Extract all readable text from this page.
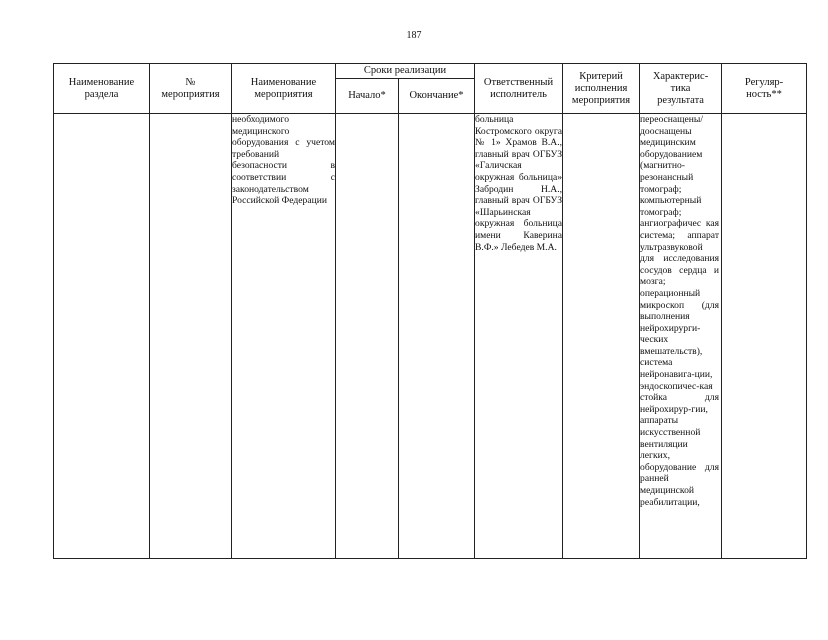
187
Наименование раздела	№ мероприятия	Наименование мероприятия	Сроки реализации		Ответственный исполнитель	Критерий исполнения мероприятия	Характерис-тика результата	Регуляр-ность**

			Начало*	Окончание*				
		необходимого медицинского оборудования с учетом требований безопасности в соответствии с законодательством Российской Федерации			больница Костромского округа № 1» Храмов В.А., главный врач ОГБУЗ «Галичская окружная больница» Забродин Н.А., главный врач ОГБУЗ «Шарьинская окружная больница имени Каверина В.Ф.» Лебедев М.А.		переоснащены/ дооснащены медицинским оборудованием (магнитно-резонансный томограф; компьютерный томограф; ангиографичес кая система; аппарат ультразвуковой для исследования сосудов сердца и мозга; операционный микроскоп (для выполнения нейрохирурги-ческих вмешательств), система нейронавига-ции, эндоскопичес-кая стойка для нейрохирур-гии, аппараты искусственной вентиляции легких, оборудование для ранней медицинской реабилитации,	
